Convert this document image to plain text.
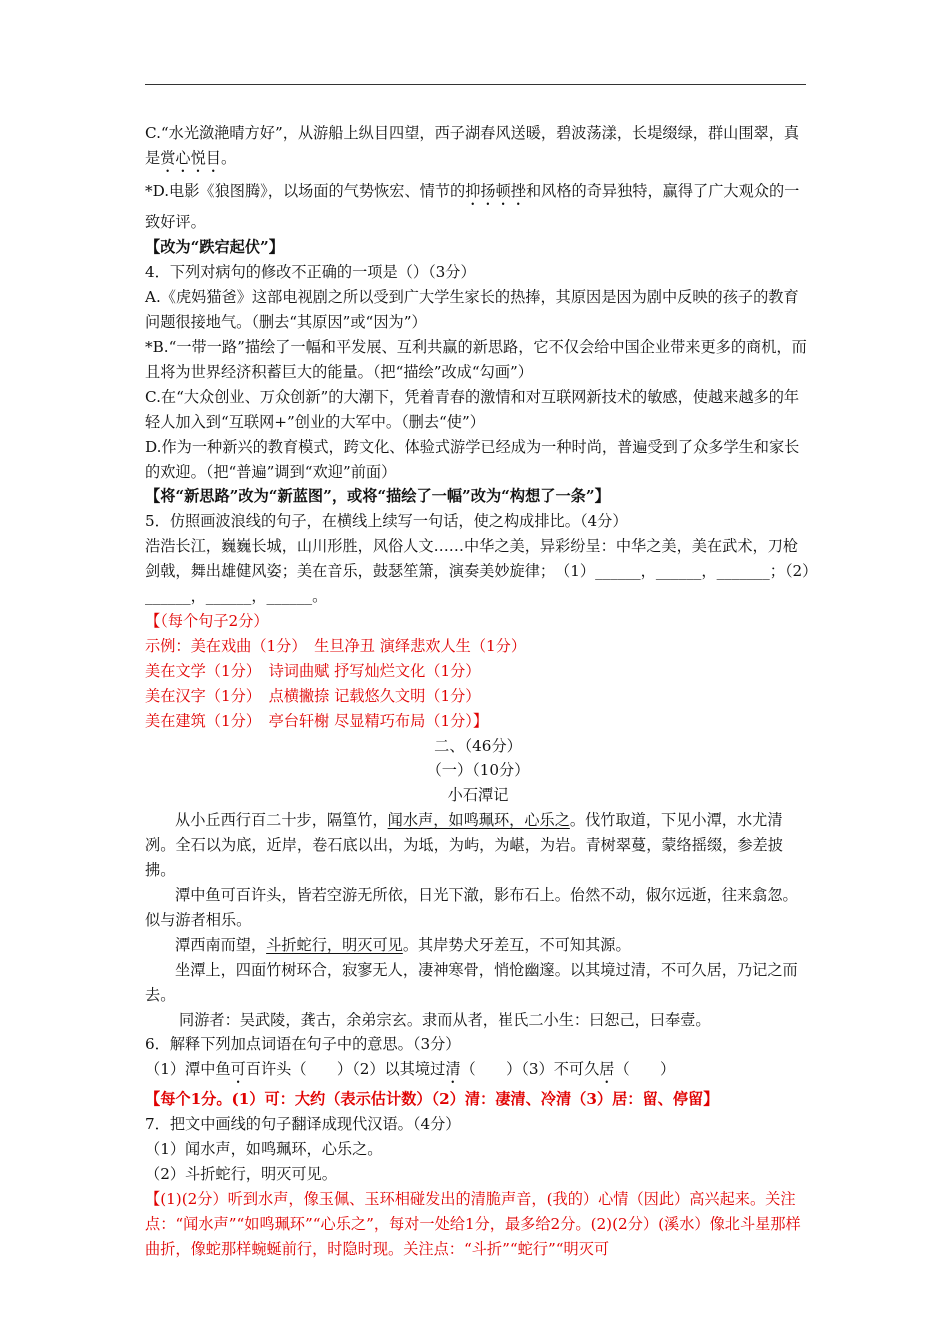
C.“水光潋滟晴方好”，从游船上纵目四望，西子湖春风送暖，碧波荡漾，长堤缀绿，群山围翠，真是赏心悦目。

*D.电影《狼图腾》，以场面的气势恢宏、情节的抑扬顿挫和风格的奇异独特，赢得了广大观众的一致好评。

【改为“跌宕起伏”】

4．下列对病句的修改不正确的一项是（）（3分）

A.《虎妈猫爸》这部电视剧之所以受到广大学生家长的热捧，其原因是因为剧中反映的孩子的教育问题很接地气。（删去“其原因”或“因为”）

*B.“一带一路”描绘了一幅和平发展、互利共赢的新思路，它不仅会给中国企业带来更多的商机，而且将为世界经济积蓄巨大的能量。（把“描绘”改成“勾画”）

C.在“大众创业、万众创新”的大潮下，凭着青春的激情和对互联网新技术的敏感，使越来越多的年轻人加入到“互联网+”创业的大军中。（删去“使”）

D.作为一种新兴的教育模式，跨文化、体验式游学已经成为一种时尚，普遍受到了众多学生和家长的欢迎。（把“普遍”调到“欢迎”前面）

【将“新思路”改为“新蓝图”，或将“描绘了一幅”改为“构想了一条”】

5．仿照画波浪线的句子，在横线上续写一句话，使之构成排比。（4分）

浩浩长江，巍巍长城，山川形胜，风俗人文……中华之美，异彩纷呈：中华之美，美在武术，刀枪剑戟，舞出雄健风姿；美在音乐，鼓瑟笙箫，演奏美妙旋律；　（1）______，______，_______；（2）______，______，______。

【（每个句子2分）

示例：美在戏曲（1分）　生旦净丑 演绎悲欢人生（1分）

美在文学（1分）　诗词曲赋 抒写灿烂文化（1分）

美在汉字（1分）　点横撇捺 记载悠久文明（1分）

美在建筑（1分）　亭台轩榭 尽显精巧布局（1分）】

二、（46分）

（一）（10分）

小石潭记

从小丘西行百二十步，隔篁竹，闻水声，如鸣珮环，心乐之。伐竹取道，下见小潭，水尤清冽。全石以为底，近岸，卷石底以出，为坻，为屿，为嵁，为岩。青树翠蔓，蒙络摇缀，参差披拂。

潭中鱼可百许头，皆若空游无所依，日光下澈，影布石上。佁然不动，俶尔远逝，往来翕忽。似与游者相乐。

潭西南而望，斗折蛇行，明灭可见。其岸势犬牙差互，不可知其源。

坐潭上，四面竹树环合，寂寥无人，凄神寒骨，悄怆幽邃。以其境过清，不可久居，乃记之而去。

同游者：吴武陵，龚古，余弟宗玄。隶而从者，崔氏二小生：曰恕己，曰奉壹。

6．解释下列加点词语在句子中的意思。（3分）

（1）潭中鱼可百许头（　　）（2）以其境过清（　　）（3）不可久居（　　）

【每个1分。(1）可：大约（表示估计数）（2）清：凄清、冷清（3）居：留、停留】

7．把文中画线的句子翻译成现代汉语。（4分）

（1）闻水声，如鸣珮环，心乐之。

（2）斗折蛇行，明灭可见。

【(1)(2分）听到水声，像玉佩、玉环相碰发出的清脆声音，(我的）心情（因此）高兴起来。关注点：“闻水声”“如鸣珮环”“心乐之”，每对一处给1分，最多给2分。(2)(2分）(溪水）像北斗星那样曲折，像蛇那样蜿蜒前行，时隐时现。关注点：“斗折”“蛇行”“明灭可
